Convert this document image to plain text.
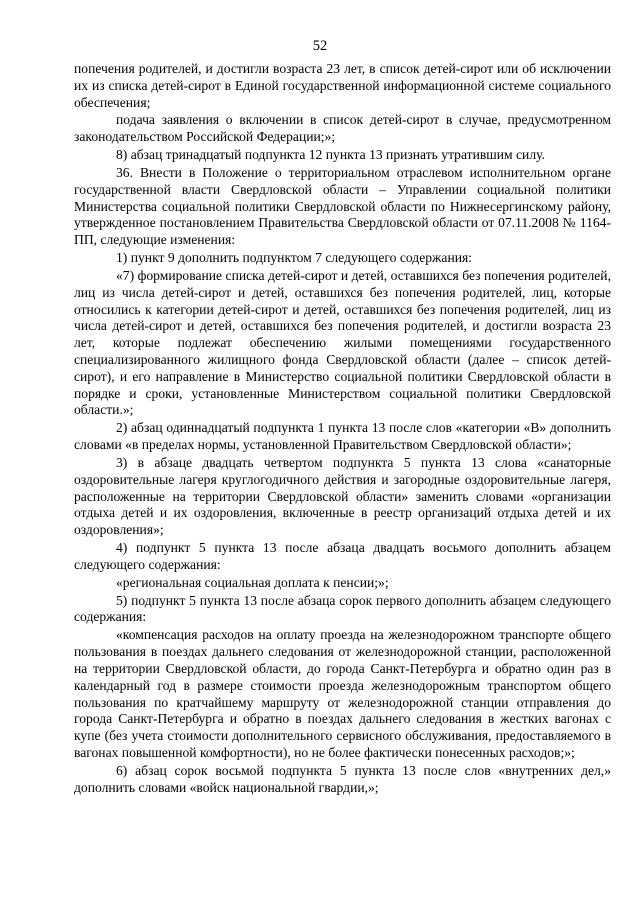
52

попечения родителей, и достигли возраста 23 лет, в список детей-сирот или об исключении их из списка детей-сирот в Единой государственной информационной системе социального обеспечения;

подача заявления о включении в список детей-сирот в случае, предусмотренном законодательством Российской Федерации;»;

8) абзац тринадцатый подпункта 12 пункта 13 признать утратившим силу.

36. Внести в Положение о территориальном отраслевом исполнительном органе государственной власти Свердловской области – Управлении социальной политики Министерства социальной политики Свердловской области по Нижнесергинскому району, утвержденное постановлением Правительства Свердловской области от 07.11.2008 № 1164-ПП, следующие изменения:

1) пункт 9 дополнить подпунктом 7 следующего содержания:

«7) формирование списка детей-сирот и детей, оставшихся без попечения родителей, лиц из числа детей-сирот и детей, оставшихся без попечения родителей, лиц, которые относились к категории детей-сирот и детей, оставшихся без попечения родителей, лиц из числа детей-сирот и детей, оставшихся без попечения родителей, и достигли возраста 23 лет, которые подлежат обеспечению жилыми помещениями государственного специализированного жилищного фонда Свердловской области (далее – список детей-сирот), и его направление в Министерство социальной политики Свердловской области в порядке и сроки, установленные Министерством социальной политики Свердловской области.»;

2) абзац одиннадцатый подпункта 1 пункта 13 после слов «категории «В» дополнить словами «в пределах нормы, установленной Правительством Свердловской области»;

3) в абзаце двадцать четвертом подпункта 5 пункта 13 слова «санаторные оздоровительные лагеря круглогодичного действия и загородные оздоровительные лагеря, расположенные на территории Свердловской области» заменить словами «организации отдыха детей и их оздоровления, включенные в реестр организаций отдыха детей и их оздоровления»;

4) подпункт 5 пункта 13 после абзаца двадцать восьмого дополнить абзацем следующего содержания:

«региональная социальная доплата к пенсии;»;

5) подпункт 5 пункта 13 после абзаца сорок первого дополнить абзацем следующего содержания:

«компенсация расходов на оплату проезда на железнодорожном транспорте общего пользования в поездах дальнего следования от железнодорожной станции, расположенной на территории Свердловской области, до города Санкт-Петербурга и обратно один раз в календарный год в размере стоимости проезда железнодорожным транспортом общего пользования по кратчайшему маршруту от железнодорожной станции отправления до города Санкт-Петербурга и обратно в поездах дальнего следования в жестких вагонах с купе (без учета стоимости дополнительного сервисного обслуживания, предоставляемого в вагонах повышенной комфортности), но не более фактически понесенных расходов;»;

6) абзац сорок восьмой подпункта 5 пункта 13 после слов «внутренних дел,» дополнить словами «войск национальной гвардии,»;
